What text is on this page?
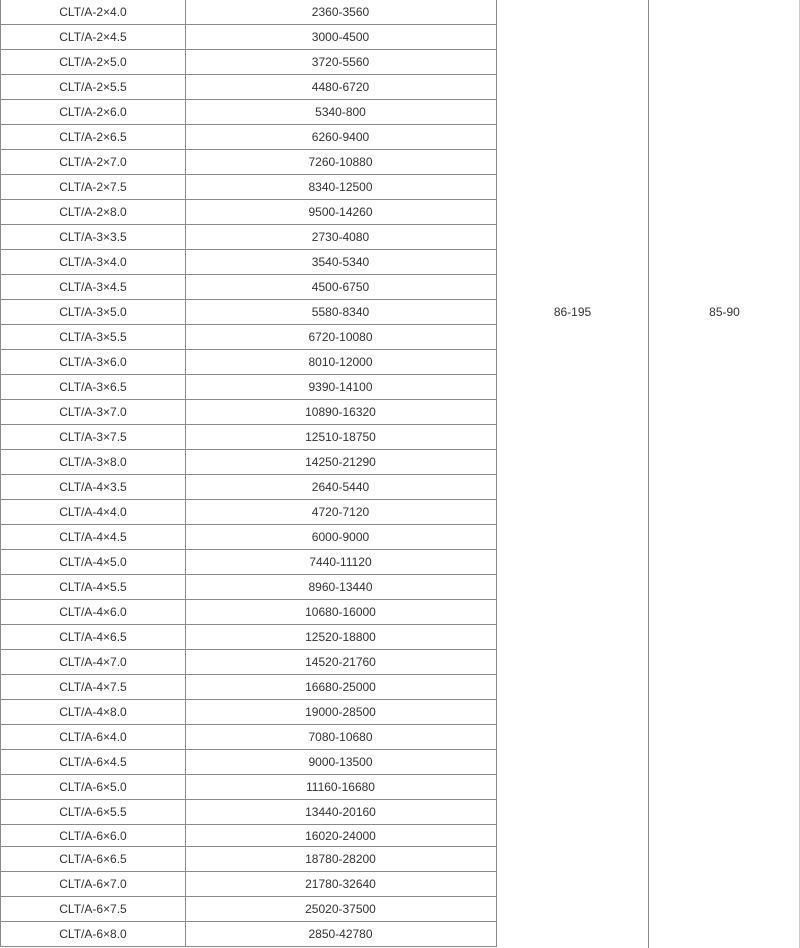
CLT/A-2×4.0
CLT/A-2×4.5
CLT/A-2×5.0
CLT/A-2×5.5
CLT/A-2×6.0
CLT/A-2×6.5
CLT/A-2×7.0
CLT/A-2×7.5
CLT/A-2×8.0
CLT/A-3×3.5
CLT/A-3×4.0
CLT/A-3×4.5
CLT/A-3×5.0
CLT/A-3×5.5
CLT/A-3×6.0
CLT/A-3×6.5
CLT/A-3×7.0
CLT/A-3×7.5
CLT/A-3×8.0
CLT/A-4×3.5
CLT/A-4×4.0
CLT/A-4×4.5
CLT/A-4×5.0
CLT/A-4×5.5
CLT/A-4×6.0
CLT/A-4×6.5
CLT/A-4×7.0
CLT/A-4×7.5
CLT/A-4×8.0
CLT/A-6×4.0
CLT/A-6×4.5
CLT/A-6×5.0
CLT/A-6×5.5
CLT/A-6×6.0
CLT/A-6×6.5
CLT/A-6×7.0
CLT/A-6×7.5
CLT/A-6×8.0
2360-3560
3000-4500
3720-5560
4480-6720
5340-800
6260-9400
7260-10880
8340-12500
9500-14260
2730-4080
3540-5340
4500-6750
5580-8340
6720-10080
8010-12000
9390-14100
10890-16320
12510-18750
14250-21290
2640-5440
4720-7120
6000-9000
7440-11120
8960-13440
10680-16000
12520-18800
14520-21760
16680-25000
19000-28500
7080-10680
9000-13500
11160-16680
13440-20160
16020-24000
18780-28200
21780-32640
25020-37500
2850-42780
86-195	85-90
